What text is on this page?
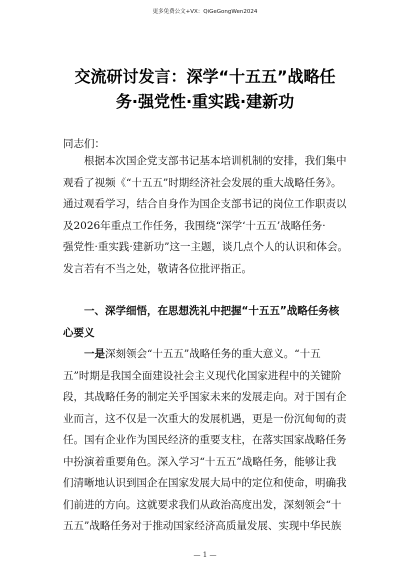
更多免费公文+VX：QiGeGongWen2024
交流研讨发言：深学“十五五”战略任
务·强党性·重实践·建新功
同志们：
根据本次国企党支部书记基本培训机制的安排，我们集中
观看了视频《“十五五”时期经济社会发展的重大战略任务》。
通过观看学习，结合自身作为国企支部书记的岗位工作职责以
及2026年重点工作任务，我围绕“深学‘十五五’战略任务·
强党性·重实践·建新功”这一主题，谈几点个人的认识和体会。
发言若有不当之处，敬请各位批评指正。
一、深学细悟，在思想洗礼中把握“十五五”战略任务核
心要义
一是深刻领会“十五五”战略任务的重大意义。“十五
五”时期是我国全面建设社会主义现代化国家进程中的关键阶
段，其战略任务的制定关乎国家未来的发展走向。对于国有企
业而言，这不仅是一次重大的发展机遇，更是一份沉甸甸的责
任。国有企业作为国民经济的重要支柱，在落实国家战略任务
中扮演着重要角色。深入学习“十五五”战略任务，能够让我
们清晰地认识到国企在国家发展大局中的定位和使命，明确我
们前进的方向。这就要求我们从政治高度出发，深刻领会“十
五五”战略任务对于推动国家经济高质量发展、实现中华民族
— 1 —
